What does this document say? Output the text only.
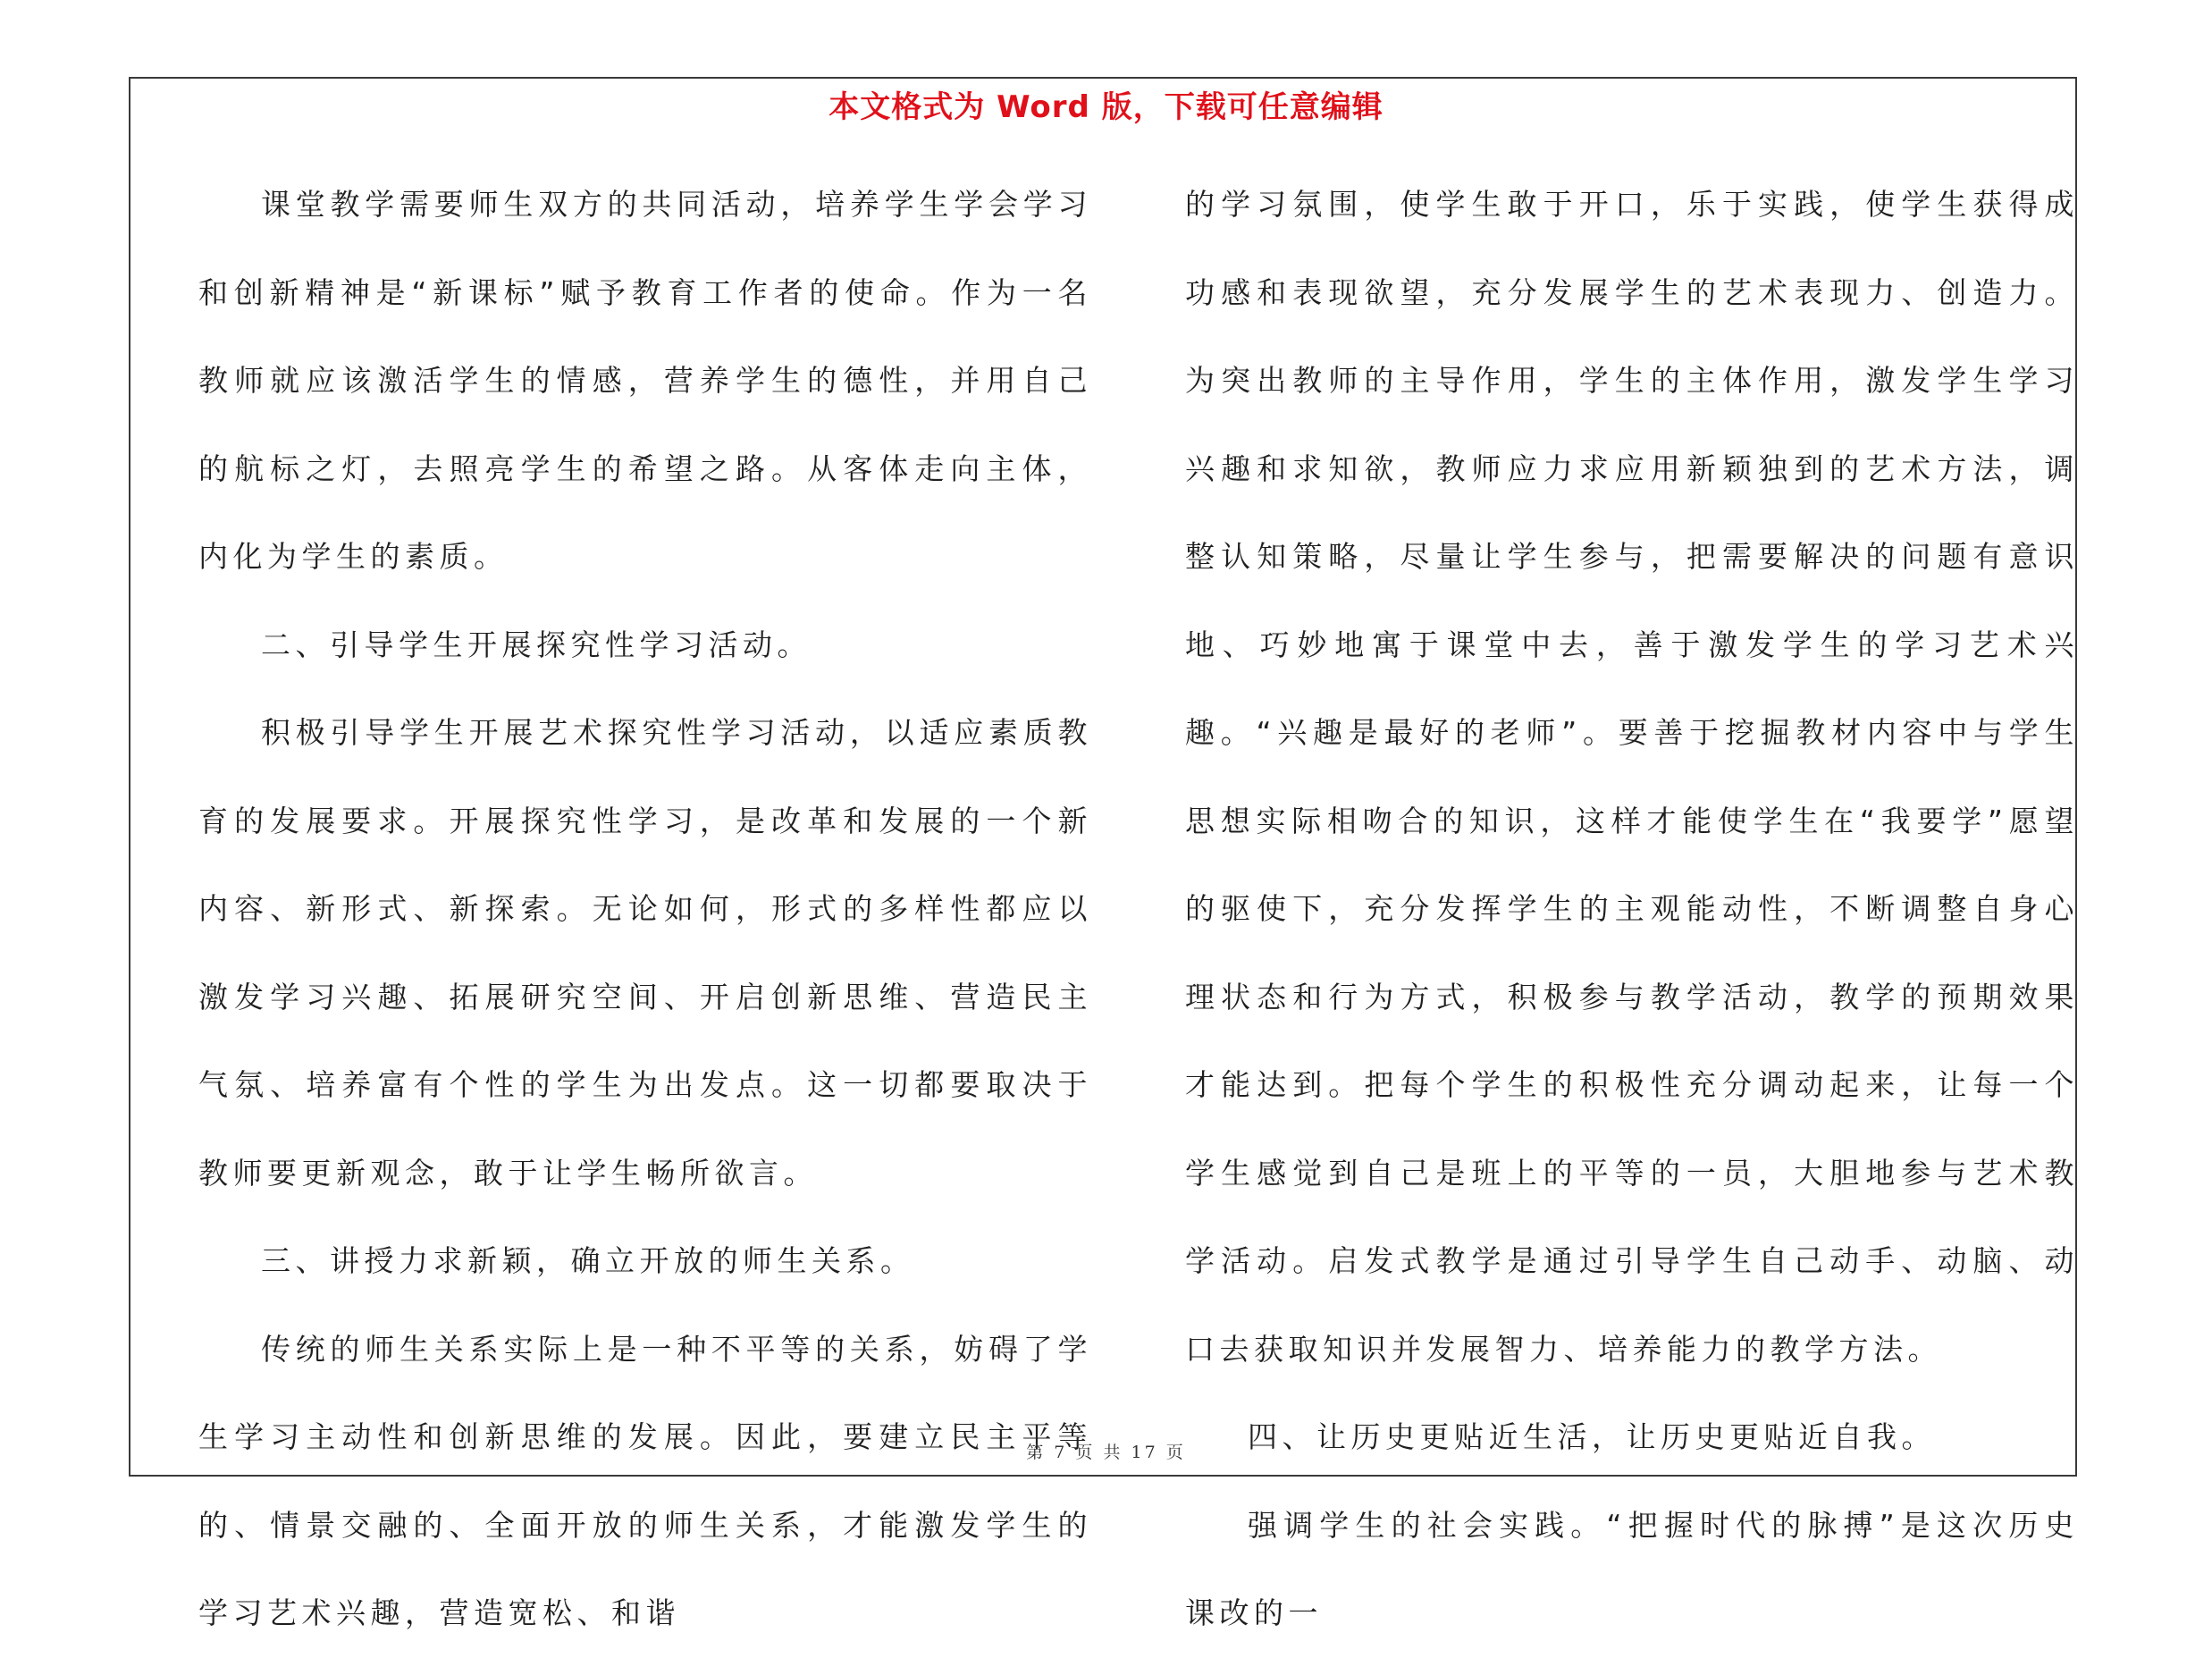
本文格式为 Word 版，下载可任意编辑

课堂教学需要师生双方的共同活动，培养学生学会学习和创新精神是“新课标”赋予教育工作者的使命。作为一名教师就应该激活学生的情感，营养学生的德性，并用自己的航标之灯，去照亮学生的希望之路。从客体走向主体，内化为学生的素质。

二、引导学生开展探究性学习活动。

积极引导学生开展艺术探究性学习活动，以适应素质教育的发展要求。开展探究性学习，是改革和发展的一个新内容、新形式、新探索。无论如何，形式的多样性都应以激发学习兴趣、拓展研究空间、开启创新思维、营造民主气氛、培养富有个性的学生为出发点。这一切都要取决于教师要更新观念，敢于让学生畅所欲言。

三、讲授力求新颖，确立开放的师生关系。

传统的师生关系实际上是一种不平等的关系，妨碍了学生学习主动性和创新思维的发展。因此，要建立民主平等的、情景交融的、全面开放的师生关系，才能激发学生的学习艺术兴趣，营造宽松、和谐

的学习氛围，使学生敢于开口，乐于实践，使学生获得成功感和表现欲望，充分发展学生的艺术表现力、创造力。为突出教师的主导作用，学生的主体作用，激发学生学习兴趣和求知欲，教师应力求应用新颖独到的艺术方法，调整认知策略，尽量让学生参与，把需要解决的问题有意识地、巧妙地寓于课堂中去，善于激发学生的学习艺术兴趣。“兴趣是最好的老师”。要善于挖掘教材内容中与学生思想实际相吻合的知识，这样才能使学生在“我要学”愿望的驱使下，充分发挥学生的主观能动性，不断调整自身心理状态和行为方式，积极参与教学活动，教学的预期效果才能达到。把每个学生的积极性充分调动起来，让每一个学生感觉到自己是班上的平等的一员，大胆地参与艺术教学活动。启发式教学是通过引导学生自己动手、动脑、动口去获取知识并发展智力、培养能力的教学方法。

四、让历史更贴近生活，让历史更贴近自我。

强调学生的社会实践。“把握时代的脉搏”是这次历史课改的一

第 7 页 共 17 页
